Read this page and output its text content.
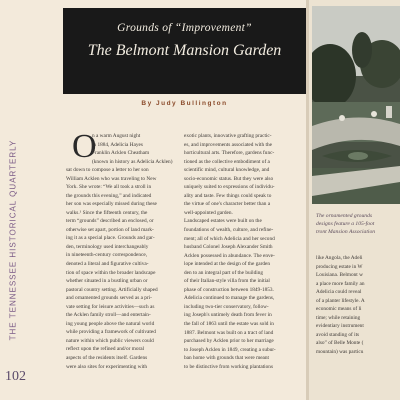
Grounds of “Improvement”
The Belmont Mansion Garden
By Judy Bullington
THE TENNESSEE HISTORICAL QUARTERLY
102
O
n a warm August night
in 1884, Adelicia Hayes
Franklin Acklen Cheatham
(known in history as Adelicia Acklen)
sat down to compose a letter to her son
William Acklen who was traveling to New
York. She wrote: “We all took a stroll in
the grounds this evening,” and indicated
her son was especially missed during these
walks.¹ Since the fifteenth century, the
term “grounds” described an enclosed, or
otherwise set apart, portion of land mark-
ing it as a special place. Grounds and gar-
den, terminology used interchangeably
in nineteenth-century correspondence,
denoted a literal and figurative cultiva-
tion of space within the broader landscape
whether situated in a bustling urban or
pastoral country setting. Artificially shaped
and ornamented grounds served as a pri-
vate setting for leisure activities—such as
the Acklen family stroll—and entertain-
ing young people above the natural world
while providing a framework of cultivated
nature within which public viewers could
reflect upon the refined and/or moral
aspects of the residents itself. Gardens
were also sites for experimenting with
exotic plants, innovative grafting practic-
es, and improvements associated with the
horticultural arts. Therefore, gardens func-
tioned as the collective embodiment of a
scientific mind, cultural knowledge, and
socio-economic status. But they were also
uniquely suited to expressions of individu-
ality and taste. Few things could speak to
the virtue of one's character better than a
well-appointed garden.
Landscaped estates were built on the
foundations of wealth, culture, and refine-
ment; all of which Adelicia and her second
husband Colonel Joseph Alexander Smith
Acklen possessed in abundance. The enve-
lope intended at the design of the garden
den to an integral part of the building
of their Italian-style villa from the initial
phase of construction between 1849-1853.
Adelicia continued to manage the gardens,
including two-tier conservatory, follow-
ing Joseph's untimely death from fever in
the fall of 1863 until the estate was sold in
1887. Belmont was built on a tract of land
purchased by Acklen prior to her marriage
to Joseph Acklen in 1849, creating a subur-
ban home with grounds that were meant
to be distinctive from working plantations
The ornamented grounds
designs feature a 105-foot
tront Mansion Association
like Angola, the Adeli
producing estate in W
Louisiana. Belmont w
a place more family an
Adelicia could reveal
of a planter lifestyle. A
economic means of li
time; while retaining
evidentiary instrument
avoid standing of its
also” of Belle Monte (
mountain) was particu
